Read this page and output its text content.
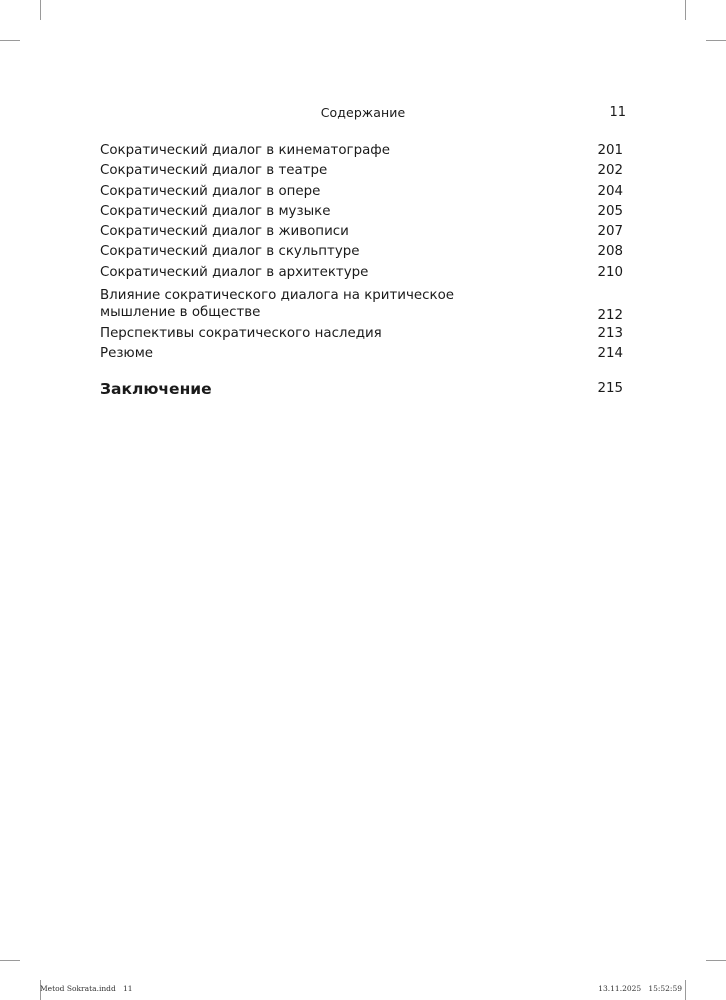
Содержание	11
Сократический диалог в кинематографе	201
Сократический диалог в театре	202
Сократический диалог в опере	204
Сократический диалог в музыке	205
Сократический диалог в живописи	207
Сократический диалог в скульптуре	208
Сократический диалог в архитектуре	210
Влияние сократического диалога на критическое мышление в обществе	212
Перспективы сократического наследия	213
Резюме	214
Заключение	215
Metod Sokrata.indd   11	13.11.2025   15:52:59
